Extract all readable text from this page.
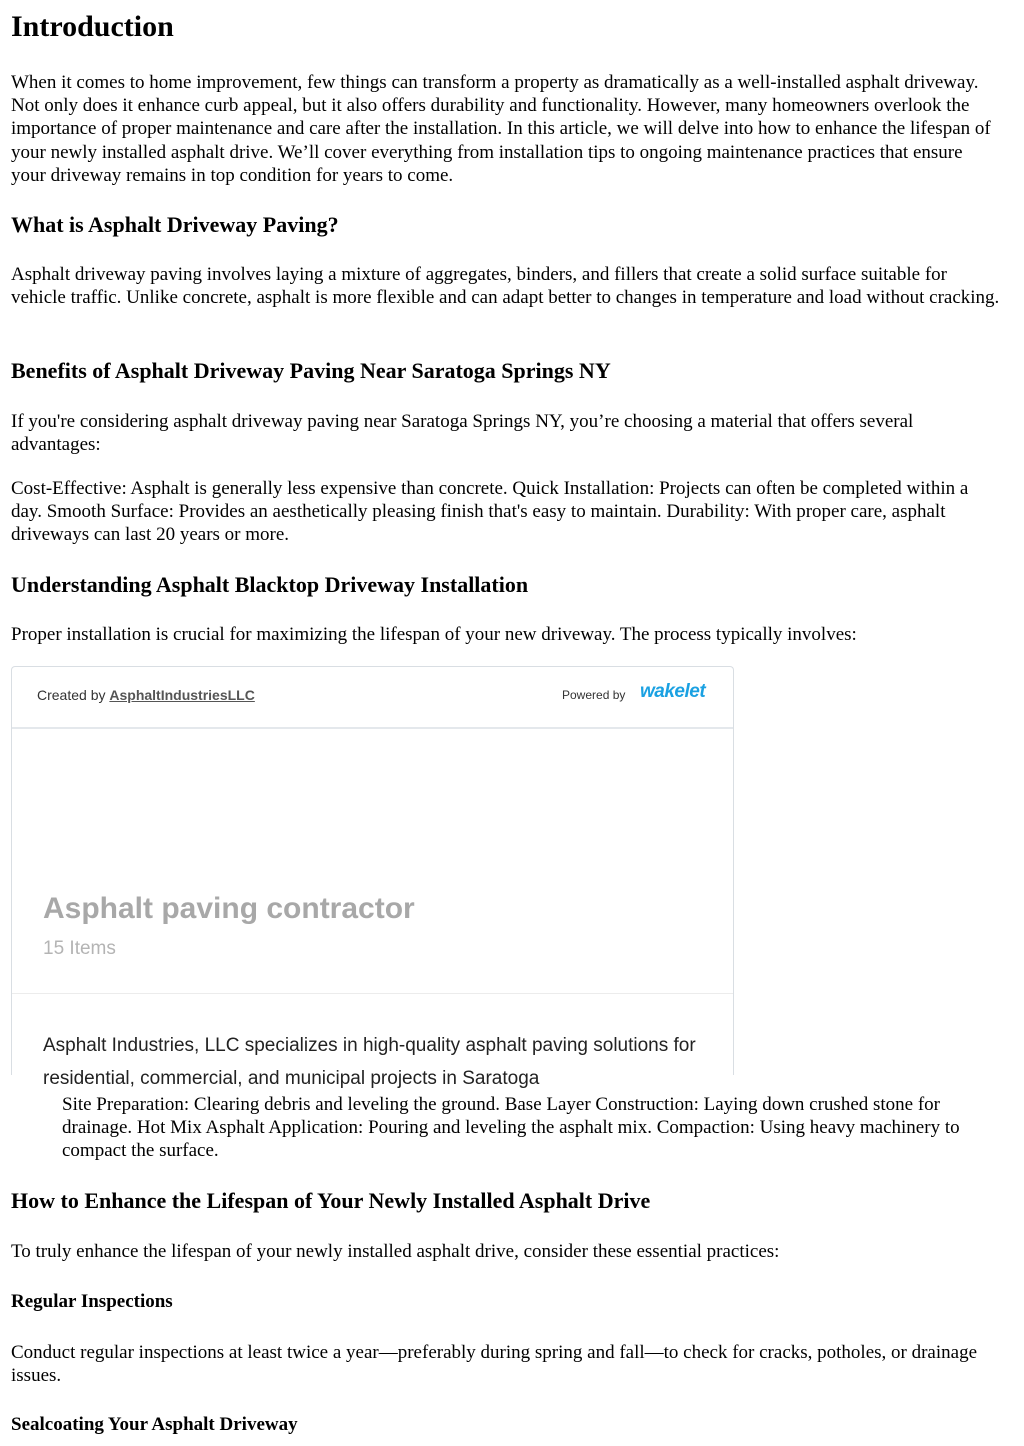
Introduction

When it comes to home improvement, few things can transform a property as dramatically as a well-installed asphalt driveway. Not only does it enhance curb appeal, but it also offers durability and functionality. However, many homeowners overlook the importance of proper maintenance and care after the installation. In this article, we will delve into how to enhance the lifespan of your newly installed asphalt drive. We’ll cover everything from installation tips to ongoing maintenance practices that ensure your driveway remains in top condition for years to come.

What is Asphalt Driveway Paving?

Asphalt driveway paving involves laying a mixture of aggregates, binders, and fillers that create a solid surface suitable for vehicle traffic. Unlike concrete, asphalt is more flexible and can adapt better to changes in temperature and load without cracking.

Benefits of Asphalt Driveway Paving Near Saratoga Springs NY

If you're considering asphalt driveway paving near Saratoga Springs NY, you’re choosing a material that offers several advantages:

Cost-Effective: Asphalt is generally less expensive than concrete. Quick Installation: Projects can often be completed within a day. Smooth Surface: Provides an aesthetically pleasing finish that's easy to maintain. Durability: With proper care, asphalt driveways can last 20 years or more.

Understanding Asphalt Blacktop Driveway Installation

Proper installation is crucial for maximizing the lifespan of your new driveway. The process typically involves:

Site Preparation: Clearing debris and leveling the ground. Base Layer Construction: Laying down crushed stone for drainage. Hot Mix Asphalt Application: Pouring and leveling the asphalt mix. Compaction: Using heavy machinery to compact the surface.

How to Enhance the Lifespan of Your Newly Installed Asphalt Drive

To truly enhance the lifespan of your newly installed asphalt drive, consider these essential practices:

Regular Inspections

Conduct regular inspections at least twice a year—preferably during spring and fall—to check for cracks, potholes, or drainage issues.

Sealcoating Your Asphalt Driveway
Created by AsphaltIndustriesLLC	Powered by wakelet
Asphalt paving contractor
15 Items
Asphalt Industries, LLC specializes in high-quality asphalt paving solutions for residential, commercial, and municipal projects in Saratoga
